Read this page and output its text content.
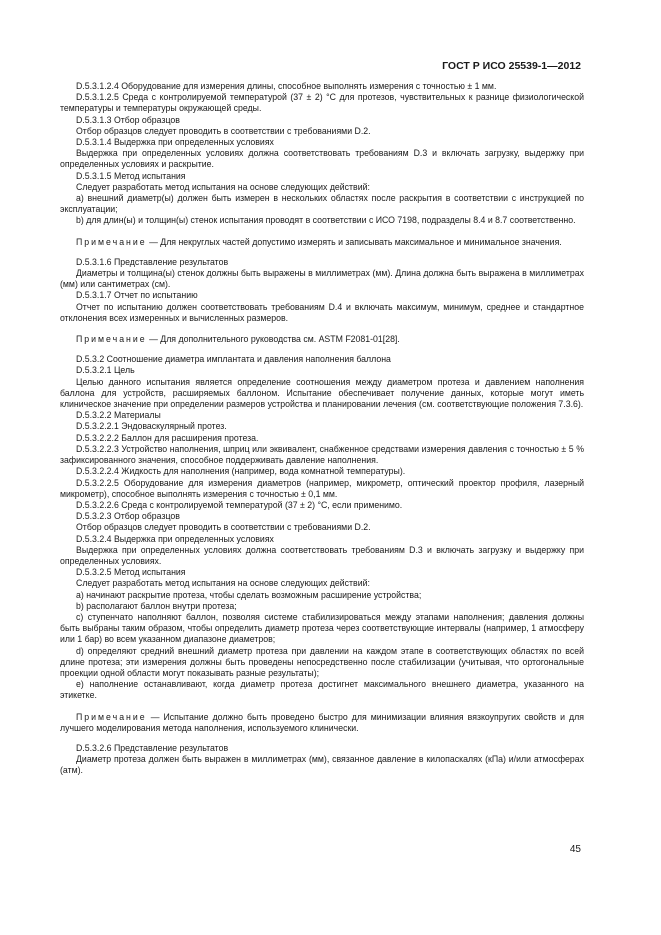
ГОСТ Р ИСО 25539-1—2012

D.5.3.1.2.4 Оборудование для измерения длины, способное выполнять измерения с точностью ± 1 мм.

D.5.3.1.2.5 Среда с контролируемой температурой (37 ± 2) °С для протезов, чувствительных к разнице физиологической температуры и температуры окружающей среды.

D.5.3.1.3 Отбор образцов

Отбор образцов следует проводить в соответствии с требованиями D.2.

D.5.3.1.4 Выдержка при определенных условиях

Выдержка при определенных условиях должна соответствовать требованиям D.3 и включать загрузку, выдержку при определенных условиях и раскрытие.

D.5.3.1.5 Метод испытания

Следует разработать метод испытания на основе следующих действий:

a) внешний диаметр(ы) должен быть измерен в нескольких областях после раскрытия в соответствии с инструкцией по эксплуатации;

b) для длин(ы) и толщин(ы) стенок испытания проводят в соответствии с ИСО 7198, подразделы 8.4 и 8.7 соответственно.

Примечание — Для некруглых частей допустимо измерять и записывать максимальное и минимальное значения.

D.5.3.1.6 Представление результатов

Диаметры и толщина(ы) стенок должны быть выражены в миллиметрах (мм). Длина должна быть выражена в миллиметрах (мм) или сантиметрах (см).

D.5.3.1.7 Отчет по испытанию

Отчет по испытанию должен соответствовать требованиям D.4 и включать максимум, минимум, среднее и стандартное отклонения всех измеренных и вычисленных размеров.

Примечание — Для дополнительного руководства см. ASTM F2081-01[28].

D.5.3.2 Соотношение диаметра имплантата и давления наполнения баллона

D.5.3.2.1 Цель

Целью данного испытания является определение соотношения между диаметром протеза и давлением наполнения баллона для устройств, расширяемых баллоном. Испытание обеспечивает получение данных, которые могут иметь клиническое значение при определении размеров устройства и планировании лечения (см. соответствующие положения 7.3.6).

D.5.3.2.2 Материалы

D.5.3.2.2.1 Эндоваскулярный протез.

D.5.3.2.2.2 Баллон для расширения протеза.

D.5.3.2.2.3 Устройство наполнения, шприц или эквивалент, снабженное средствами измерения давления с точностью ± 5 % зафиксированного значения, способное поддерживать давление наполнения.

D.5.3.2.2.4 Жидкость для наполнения (например, вода комнатной температуры).

D.5.3.2.2.5 Оборудование для измерения диаметров (например, микрометр, оптический проектор профиля, лазерный микрометр), способное выполнять измерения с точностью ± 0,1 мм.

D.5.3.2.2.6 Среда с контролируемой температурой (37 ± 2) °С, если применимо.

D.5.3.2.3 Отбор образцов

Отбор образцов следует проводить в соответствии с требованиями D.2.

D.5.3.2.4 Выдержка при определенных условиях

Выдержка при определенных условиях должна соответствовать требованиям D.3 и включать загрузку и выдержку при определенных условиях.

D.5.3.2.5 Метод испытания

Следует разработать метод испытания на основе следующих действий:

a) начинают раскрытие протеза, чтобы сделать возможным расширение устройства;

b) располагают баллон внутри протеза;

c) ступенчато наполняют баллон, позволяя системе стабилизироваться между этапами наполнения; давления должны быть выбраны таким образом, чтобы определить диаметр протеза через соответствующие интервалы (например, 1 атмосферу или 1 бар) во всем указанном диапазоне диаметров;

d) определяют средний внешний диаметр протеза при давлении на каждом этапе в соответствующих областях по всей длине протеза; эти измерения должны быть проведены непосредственно после стабилизации (учитывая, что ортогональные проекции одной области могут показывать разные результаты);

e) наполнение останавливают, когда диаметр протеза достигнет максимального внешнего диаметра, указанного на этикетке.

Примечание — Испытание должно быть проведено быстро для минимизации влияния вязкоупругих свойств и для лучшего моделирования метода наполнения, используемого клинически.

D.5.3.2.6 Представление результатов

Диаметр протеза должен быть выражен в миллиметрах (мм), связанное давление в килопаскалях (кПа) и/или атмосферах (атм).

45
